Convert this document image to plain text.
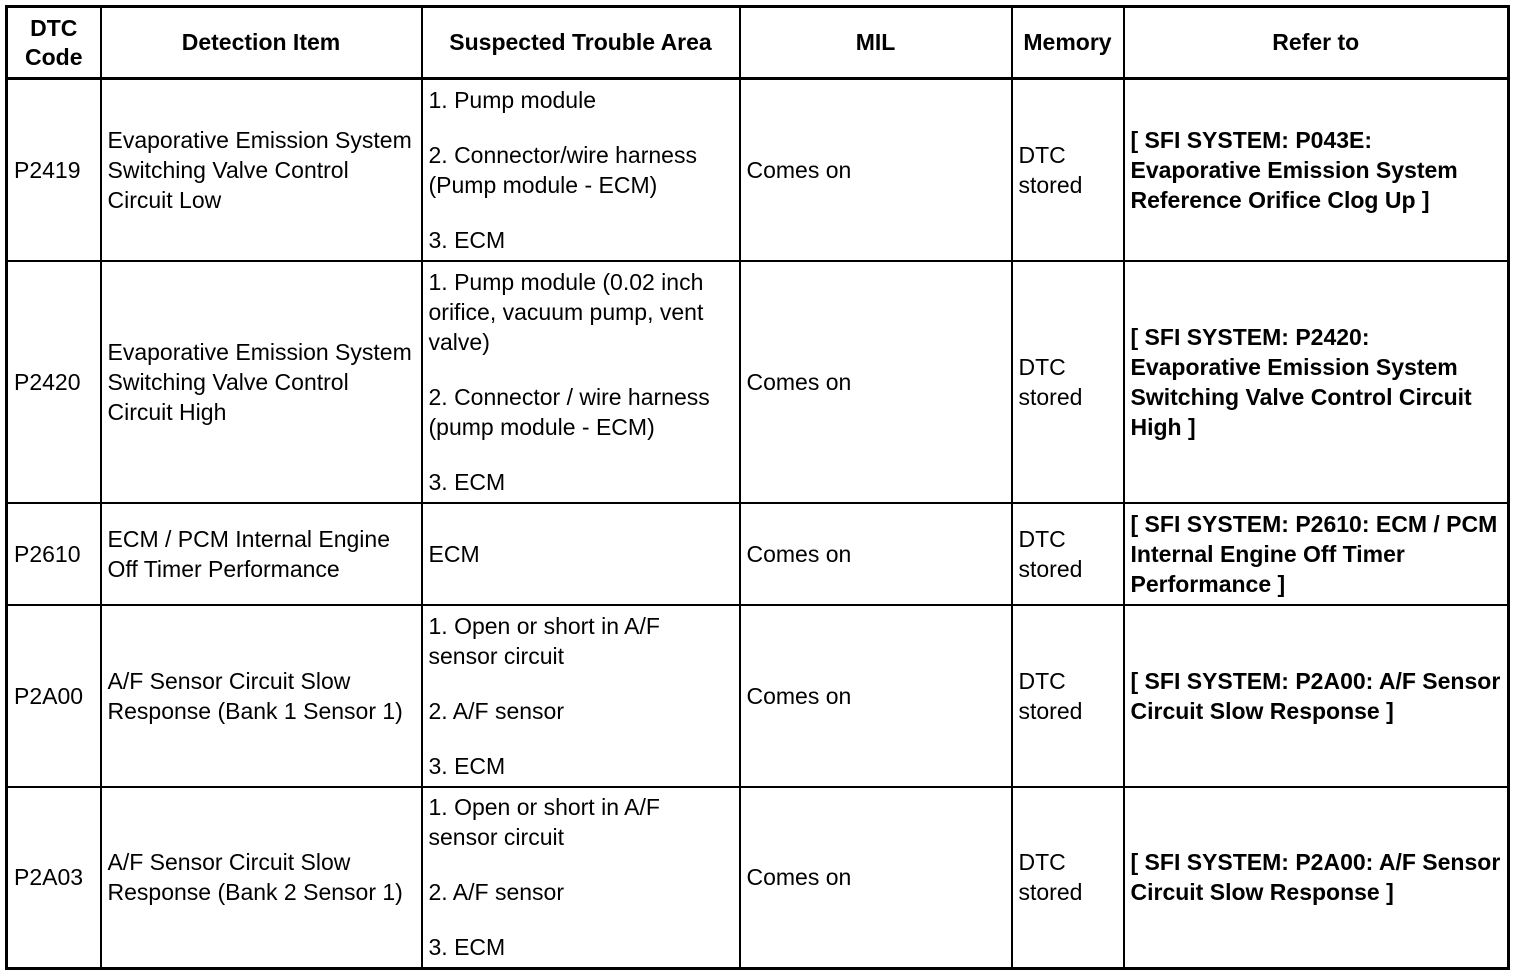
DTC Code	Detection Item	Suspected Trouble Area	MIL	Memory	Refer to
P2419	Evaporative Emission System Switching Valve Control Circuit Low	1. Pump module
2. Connector/wire harness (Pump module - ECM)
3. ECM	Comes on	DTC stored	[ SFI SYSTEM: P043E: Evaporative Emission System Reference Orifice Clog Up ]
P2420	Evaporative Emission System Switching Valve Control Circuit High	1. Pump module (0.02 inch orifice, vacuum pump, vent valve)
2. Connector / wire harness (pump module - ECM)
3. ECM	Comes on	DTC stored	[ SFI SYSTEM: P2420: Evaporative Emission System Switching Valve Control Circuit High ]
P2610	ECM / PCM Internal Engine Off Timer Performance	ECM	Comes on	DTC stored	[ SFI SYSTEM: P2610: ECM / PCM Internal Engine Off Timer Performance ]
P2A00	A/F Sensor Circuit Slow Response (Bank 1 Sensor 1)	1. Open or short in A/F sensor circuit
2. A/F sensor
3. ECM	Comes on	DTC stored	[ SFI SYSTEM: P2A00: A/F Sensor Circuit Slow Response ]
P2A03	A/F Sensor Circuit Slow Response (Bank 2 Sensor 1)	1. Open or short in A/F sensor circuit
2. A/F sensor
3. ECM	Comes on	DTC stored	[ SFI SYSTEM: P2A00: A/F Sensor Circuit Slow Response ]
